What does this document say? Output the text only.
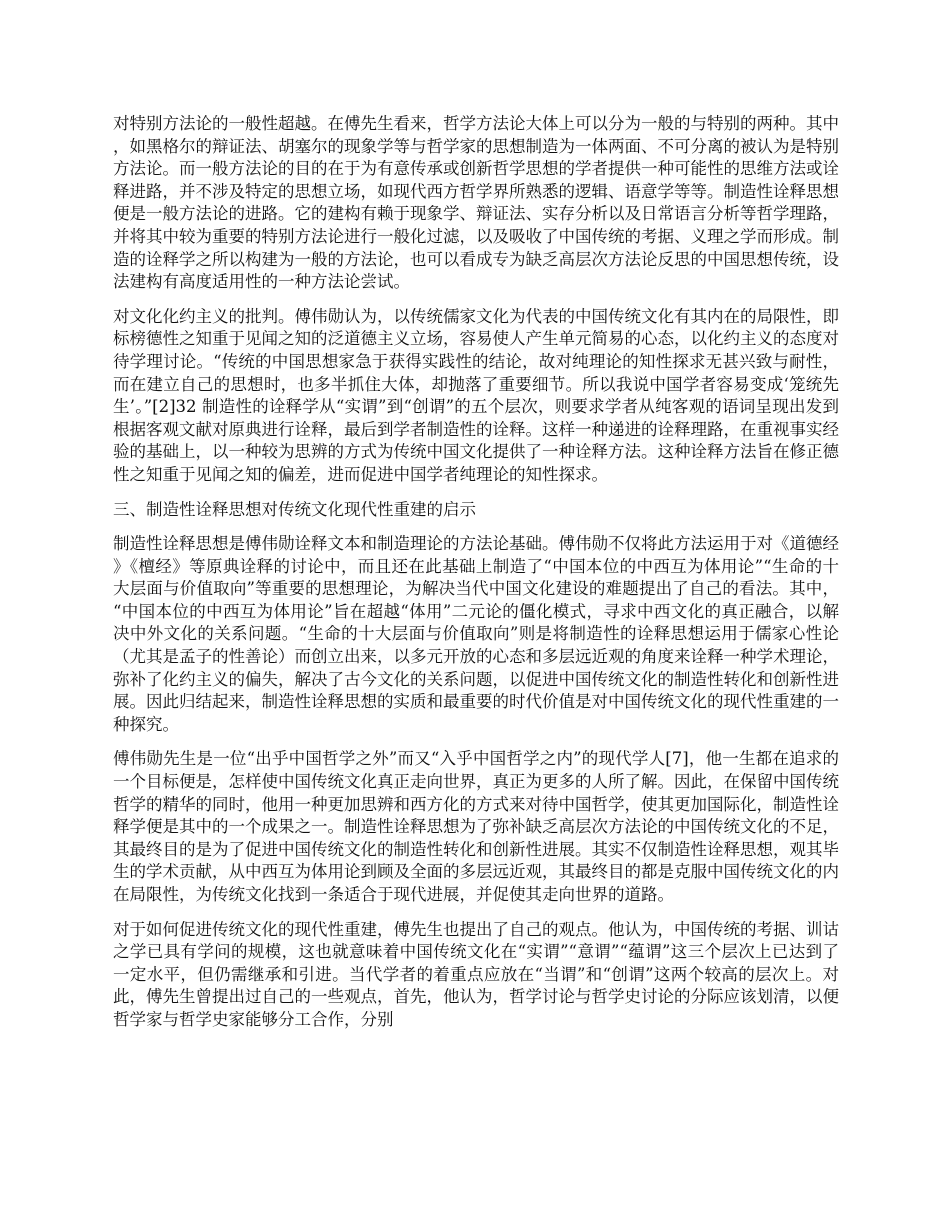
对特别方法论的一般性超越。在傅先生看来，哲学方法论大体上可以分为一般的与特别的两种。其中，如黑格尔的辩证法、胡塞尔的现象学等与哲学家的思想制造为一体两面、不可分离的被认为是特别方法论。而一般方法论的目的在于为有意传承或创新哲学思想的学者提供一种可能性的思维方法或诠释进路，并不涉及特定的思想立场，如现代西方哲学界所熟悉的逻辑、语意学等等。制造性诠释思想便是一般方法论的进路。它的建构有赖于现象学、辩证法、实存分析以及日常语言分析等哲学理路，并将其中较为重要的特别方法论进行一般化过滤，以及吸收了中国传统的考据、义理之学而形成。制造的诠释学之所以构建为一般的方法论，也可以看成专为缺乏高层次方法论反思的中国思想传统，设法建构有高度适用性的一种方法论尝试。

对文化化约主义的批判。傅伟勋认为，以传统儒家文化为代表的中国传统文化有其内在的局限性，即标榜德性之知重于见闻之知的泛道德主义立场，容易使人产生单元简易的心态，以化约主义的态度对待学理讨论。“传统的中国思想家急于获得实践性的结论，故对纯理论的知性探求无甚兴致与耐性，而在建立自己的思想时，也多半抓住大体，却抛落了重要细节。所以我说中国学者容易变成‘笼统先生’。”[2]32 制造性的诠释学从“实谓”到“创谓”的五个层次，则要求学者从纯客观的语词呈现出发到根据客观文献对原典进行诠释，最后到学者制造性的诠释。这样一种递进的诠释理路，在重视事实经验的基础上，以一种较为思辨的方式为传统中国文化提供了一种诠释方法。这种诠释方法旨在修正德性之知重于见闻之知的偏差，进而促进中国学者纯理论的知性探求。

三、制造性诠释思想对传统文化现代性重建的启示

制造性诠释思想是傅伟勋诠释文本和制造理论的方法论基础。傅伟勋不仅将此方法运用于对《道德经》《檀经》等原典诠释的讨论中，而且还在此基础上制造了“中国本位的中西互为体用论”“生命的十大层面与价值取向”等重要的思想理论，为解决当代中国文化建设的难题提出了自己的看法。其中，“中国本位的中西互为体用论”旨在超越“体用”二元论的僵化模式，寻求中西文化的真正融合，以解决中外文化的关系问题。“生命的十大层面与价值取向”则是将制造性的诠释思想运用于儒家心性论（尤其是孟子的性善论）而创立出来，以多元开放的心态和多层远近观的角度来诠释一种学术理论，弥补了化约主义的偏失，解决了古今文化的关系问题，以促进中国传统文化的制造性转化和创新性进展。因此归结起来，制造性诠释思想的实质和最重要的时代价值是对中国传统文化的现代性重建的一种探究。

傅伟勋先生是一位“出乎中国哲学之外”而又“入乎中国哲学之内”的现代学人[7]，他一生都在追求的一个目标便是，怎样使中国传统文化真正走向世界，真正为更多的人所了解。因此，在保留中国传统哲学的精华的同时，他用一种更加思辨和西方化的方式来对待中国哲学，使其更加国际化，制造性诠释学便是其中的一个成果之一。制造性诠释思想为了弥补缺乏高层次方法论的中国传统文化的不足，其最终目的是为了促进中国传统文化的制造性转化和创新性进展。其实不仅制造性诠释思想，观其毕生的学术贡献，从中西互为体用论到顾及全面的多层远近观，其最终目的都是克服中国传统文化的内在局限性，为传统文化找到一条适合于现代进展，并促使其走向世界的道路。

对于如何促进传统文化的现代性重建，傅先生也提出了自己的观点。他认为，中国传统的考据、训诂之学已具有学问的规模，这也就意味着中国传统文化在“实谓”“意谓”“蕴谓”这三个层次上已达到了一定水平，但仍需继承和引进。当代学者的着重点应放在“当谓”和“创谓”这两个较高的层次上。对此，傅先生曾提出过自己的一些观点，首先，他认为，哲学讨论与哲学史讨论的分际应该划清，以便哲学家与哲学史家能够分工合作，分别
